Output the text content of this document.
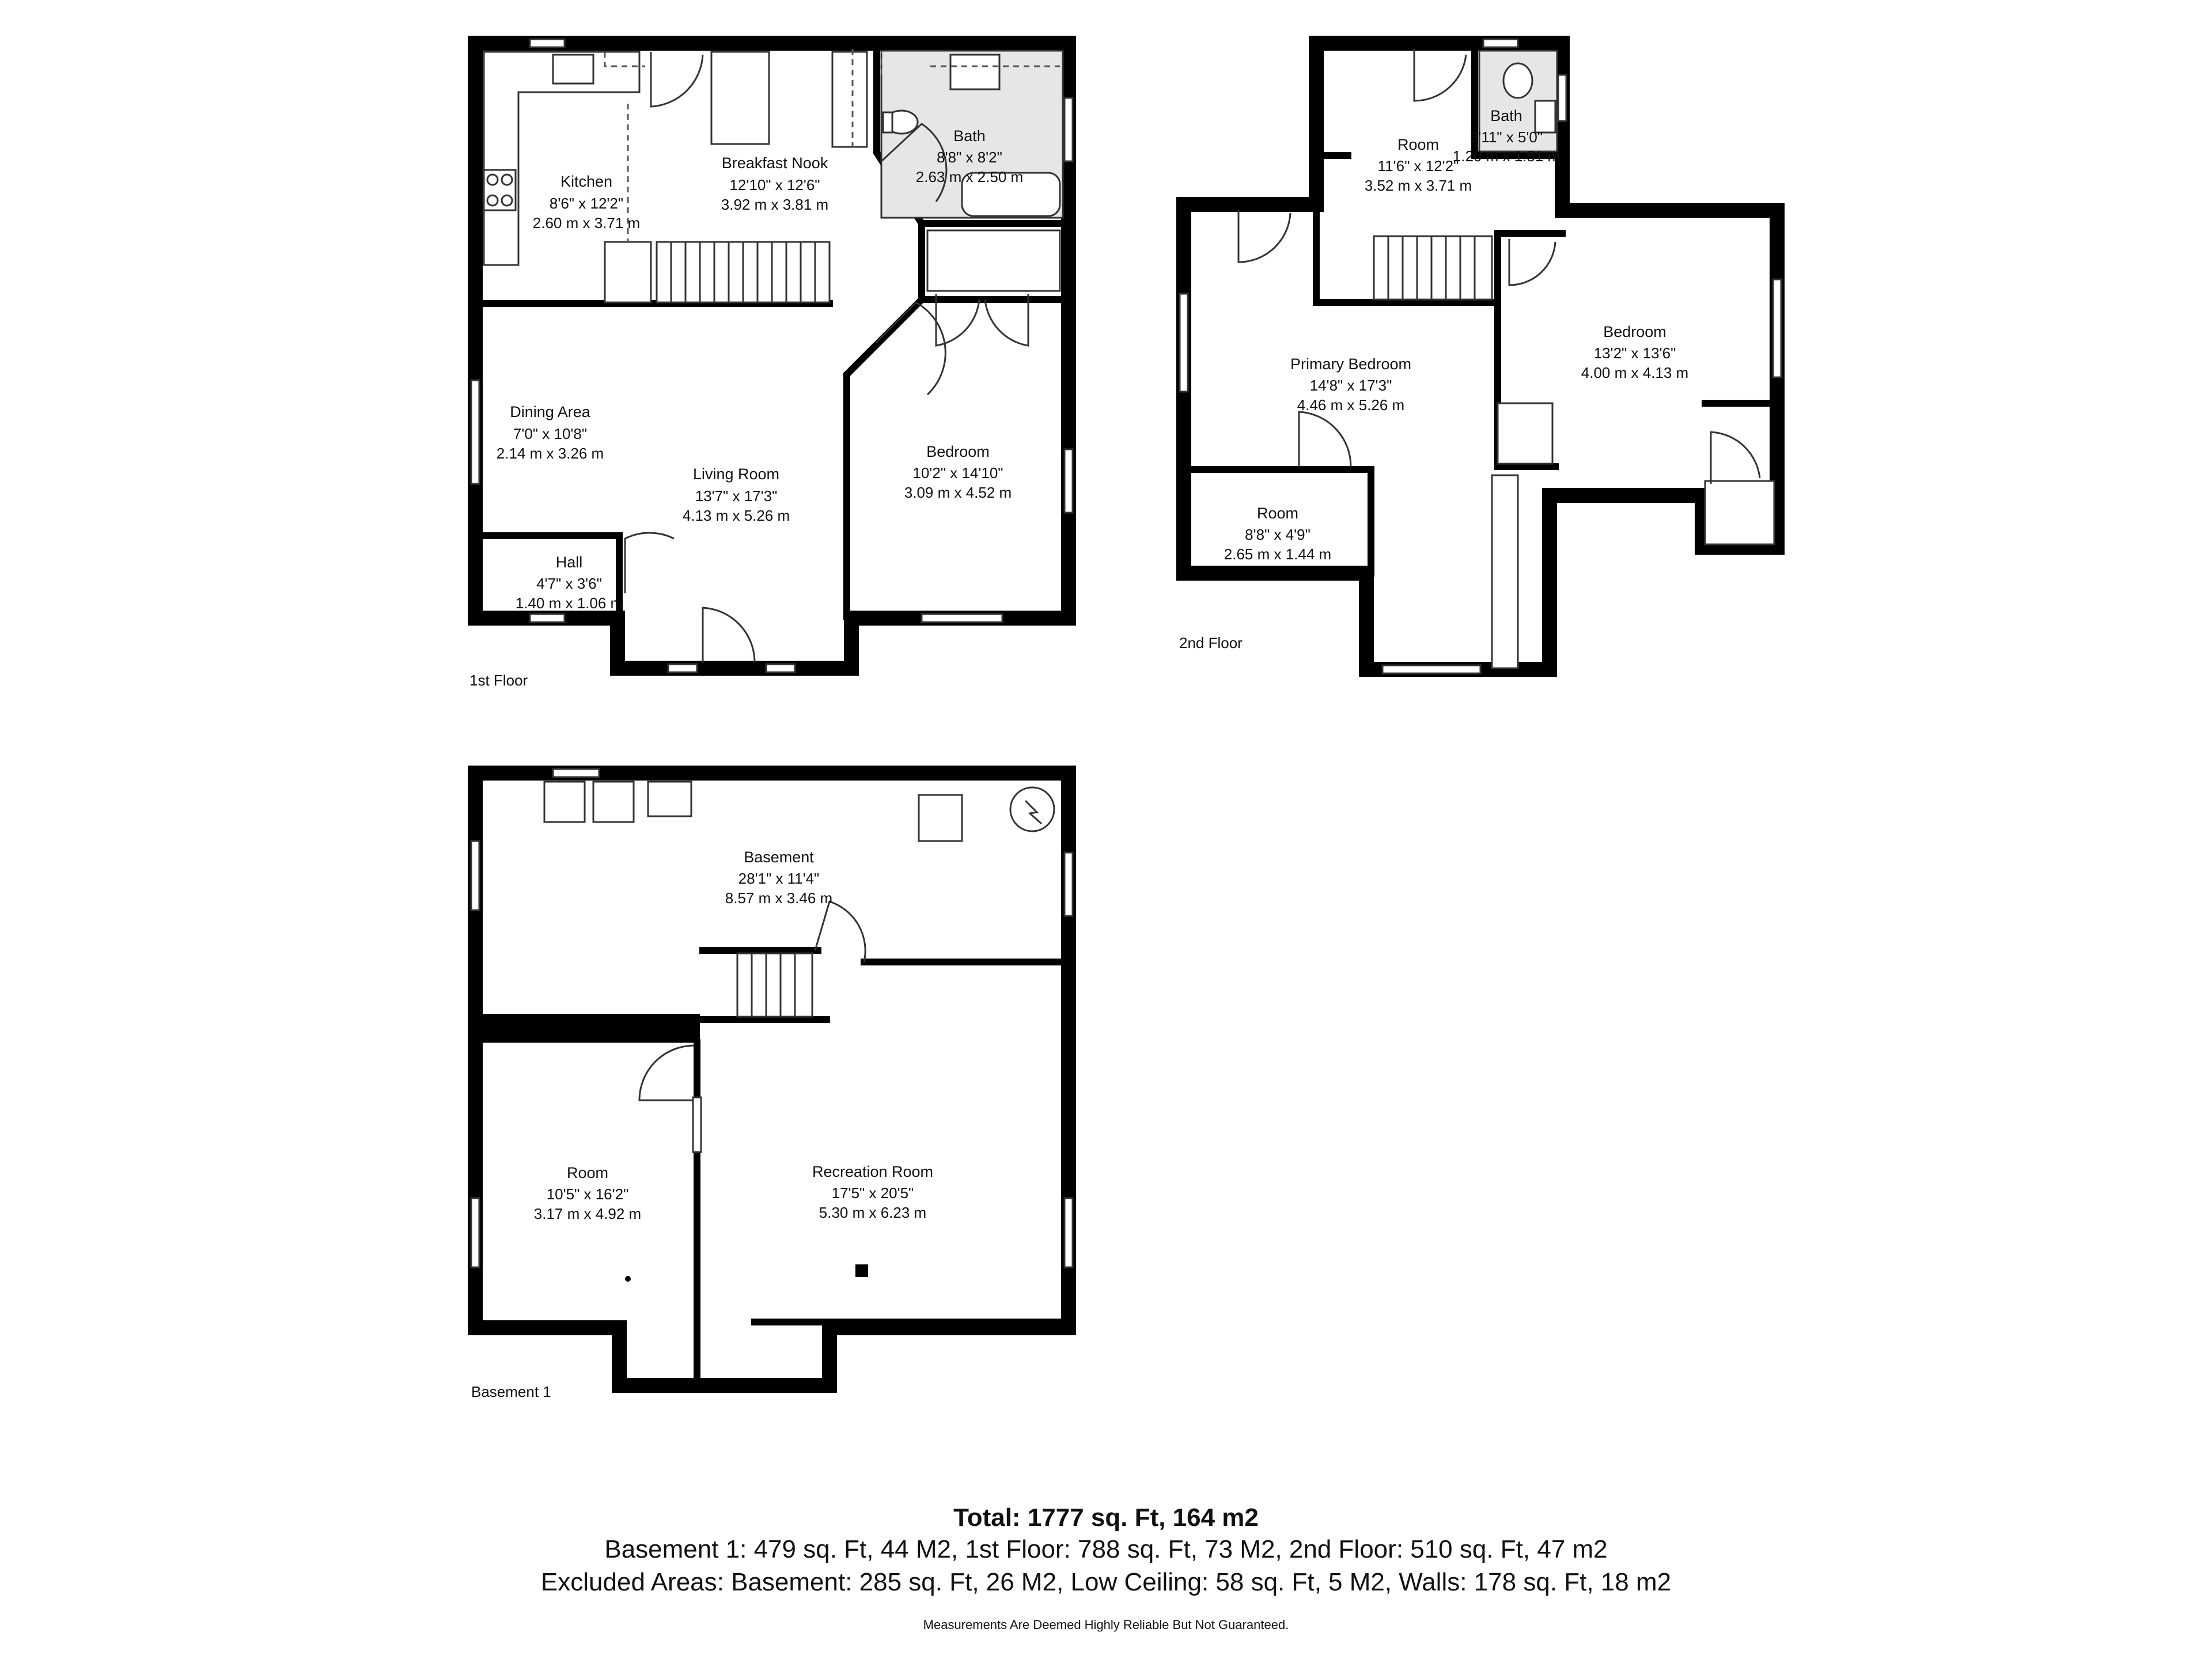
Kitchen
8'6" x 12'2"
2.60 m x 3.71 m
Breakfast Nook
12'10" x 12'6"
3.92 m x 3.81 m
Bath
8'8" x 8'2"
2.63 m x 2.50 m
Dining Area
7'0" x 10'8"
2.14 m x 3.26 m
Living Room
13'7" x 17'3"
4.13 m x 5.26 m
Bedroom
10'2" x 14'10"
3.09 m x 4.52 m
Hall
4'7" x 3'6"
1.40 m x 1.06 m
1st Floor
Room
11'6" x 12'2"
3.52 m x 3.71 m
Bath
3'11" x 5'0"
1.20 m x 1.51 m
Primary Bedroom
14'8" x 17'3"
4.46 m x 5.26 m
Bedroom
13'2" x 13'6"
4.00 m x 4.13 m
Room
8'8" x 4'9"
2.65 m x 1.44 m
2nd Floor
Basement
28'1" x 11'4"
8.57 m x 3.46 m
Room
10'5" x 16'2"
3.17 m x 4.92 m
Recreation Room
17'5" x 20'5"
5.30 m x 6.23 m
Basement 1
Total: 1777 sq. Ft, 164 m2
Basement 1: 479 sq. Ft, 44 M2, 1st Floor: 788 sq. Ft, 73 M2, 2nd Floor: 510 sq. Ft, 47 m2
Excluded Areas: Basement: 285 sq. Ft, 26 M2, Low Ceiling: 58 sq. Ft, 5 M2, Walls: 178 sq. Ft, 18 m2
Measurements Are Deemed Highly Reliable But Not Guaranteed.
